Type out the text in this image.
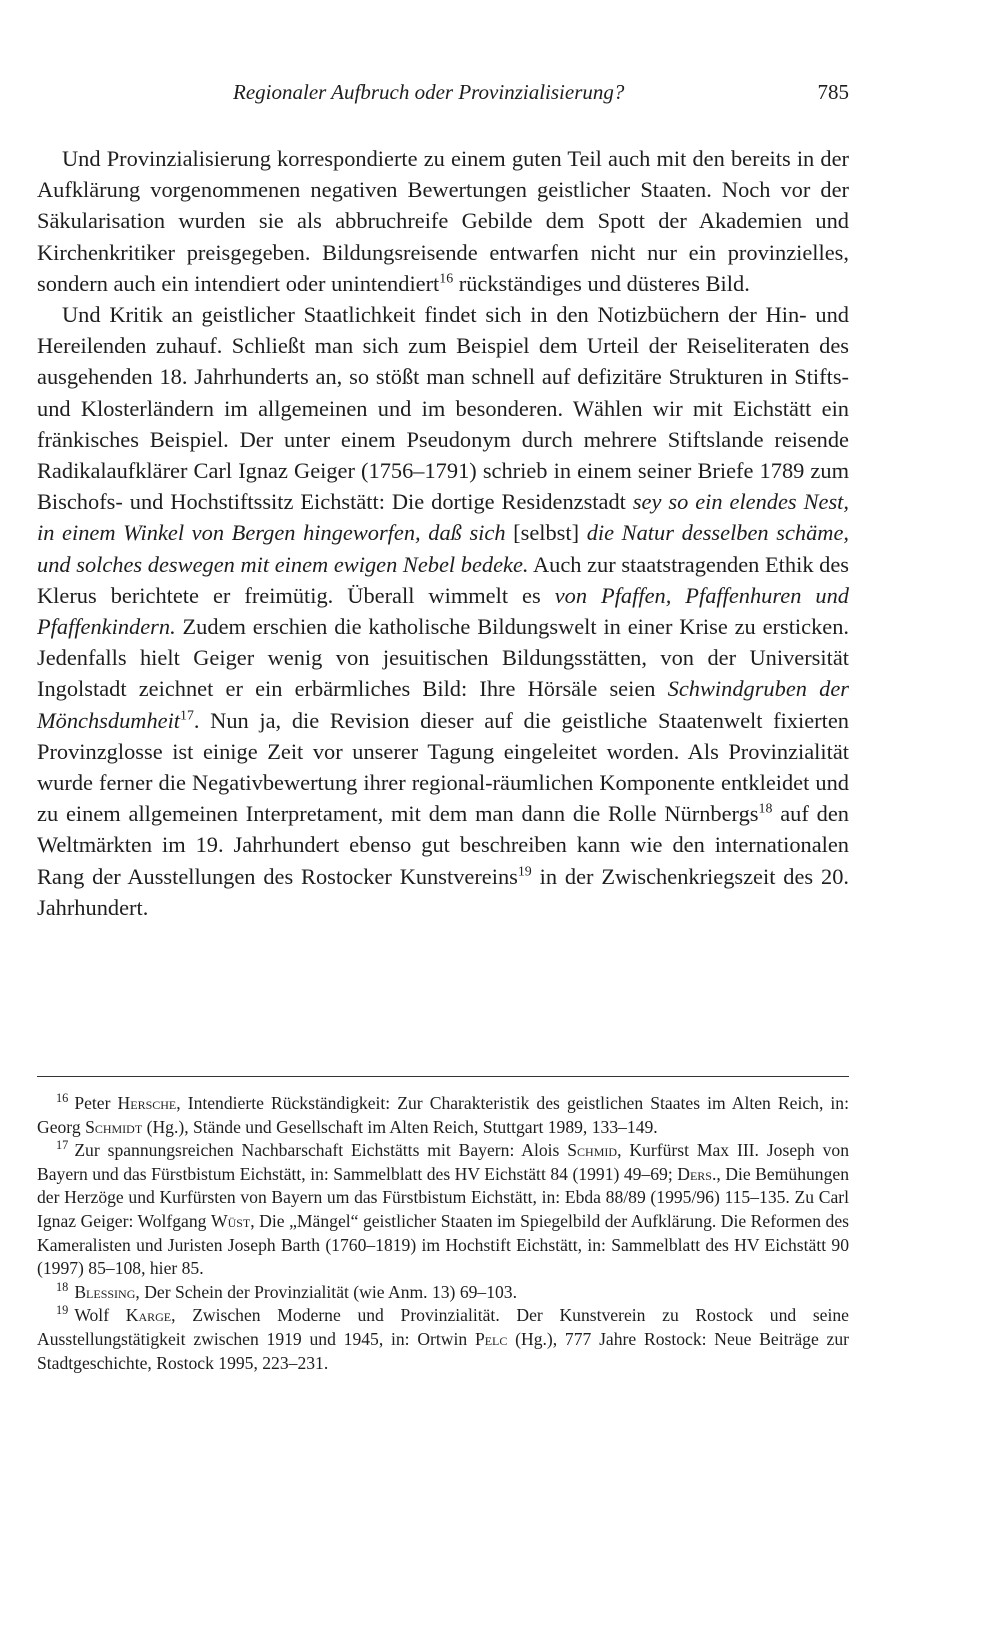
Regionaler Aufbruch oder Provinzialisierung?	785

Und Provinzialisierung korrespondierte zu einem guten Teil auch mit den bereits in der Aufklärung vorgenommenen negativen Bewertungen geistlicher Staaten. Noch vor der Säkularisation wurden sie als abbruchreife Gebilde dem Spott der Akademien und Kirchenkritiker preisgegeben. Bildungsreisende entwarfen nicht nur ein provinzielles, sondern auch ein intendiert oder unintendiert$^{16}$ rückständiges und düsteres Bild.

Und Kritik an geistlicher Staatlichkeit findet sich in den Notizbüchern der Hin- und Hereilenden zuhauf. Schließt man sich zum Beispiel dem Urteil der Reiseliteraten des ausgehenden 18. Jahrhunderts an, so stößt man schnell auf defizitäre Strukturen in Stifts- und Klosterländern im allgemeinen und im besonderen. Wählen wir mit Eichstätt ein fränkisches Beispiel. Der unter einem Pseudonym durch mehrere Stiftslande reisende Radikalaufklärer Carl Ignaz Geiger (1756–1791) schrieb in einem seiner Briefe 1789 zum Bischofs- und Hochstiftssitz Eichstätt: Die dortige Residenzstadt sey so ein elendes Nest, in einem Winkel von Bergen hingeworfen, daß sich [selbst] die Natur desselben schäme, und solches deswegen mit einem ewigen Nebel bedeke. Auch zur staatstragenden Ethik des Klerus berichtete er freimütig. Überall wimmelt es von Pfaffen, Pfaffenhuren und Pfaffenkindern. Zudem erschien die katholische Bildungswelt in einer Krise zu ersticken. Jedenfalls hielt Geiger wenig von jesuitischen Bildungsstätten, von der Universität Ingolstadt zeichnet er ein erbärmliches Bild: Ihre Hörsäle seien Schwindgruben der Mönchsdumheit$^{17}$. Nun ja, die Revision dieser auf die geistliche Staatenwelt fixierten Provinzglosse ist einige Zeit vor unserer Tagung eingeleitet worden. Als Provinzialität wurde ferner die Negativbewertung ihrer regional-räumlichen Komponente entkleidet und zu einem allgemeinen Interpretament, mit dem man dann die Rolle Nürnbergs$^{18}$ auf den Weltmärkten im 19. Jahrhundert ebenso gut beschreiben kann wie den internationalen Rang der Ausstellungen des Rostocker Kunstvereins$^{19}$ in der Zwischenkriegszeit des 20. Jahrhundert.

$^{16}$ Peter Hersche, Intendierte Rückständigkeit: Zur Charakteristik des geistlichen Staates im Alten Reich, in: Georg Schmidt (Hg.), Stände und Gesellschaft im Alten Reich, Stuttgart 1989, 133–149.

$^{17}$ Zur spannungsreichen Nachbarschaft Eichstätts mit Bayern: Alois Schmid, Kurfürst Max III. Joseph von Bayern und das Fürstbistum Eichstätt, in: Sammelblatt des HV Eichstätt 84 (1991) 49–69; Ders., Die Bemühungen der Herzöge und Kurfürsten von Bayern um das Fürstbistum Eichstätt, in: Ebda 88/89 (1995/96) 115–135. Zu Carl Ignaz Geiger: Wolfgang Wüst, Die „Mängel“ geistlicher Staaten im Spiegelbild der Aufklärung. Die Reformen des Kameralisten und Juristen Joseph Barth (1760–1819) im Hochstift Eichstätt, in: Sammelblatt des HV Eichstätt 90 (1997) 85–108, hier 85.

$^{18}$ Blessing, Der Schein der Provinzialität (wie Anm. 13) 69–103.

$^{19}$ Wolf Karge, Zwischen Moderne und Provinzialität. Der Kunstverein zu Rostock und seine Ausstellungstätigkeit zwischen 1919 und 1945, in: Ortwin Pelc (Hg.), 777 Jahre Rostock: Neue Beiträge zur Stadtgeschichte, Rostock 1995, 223–231.
